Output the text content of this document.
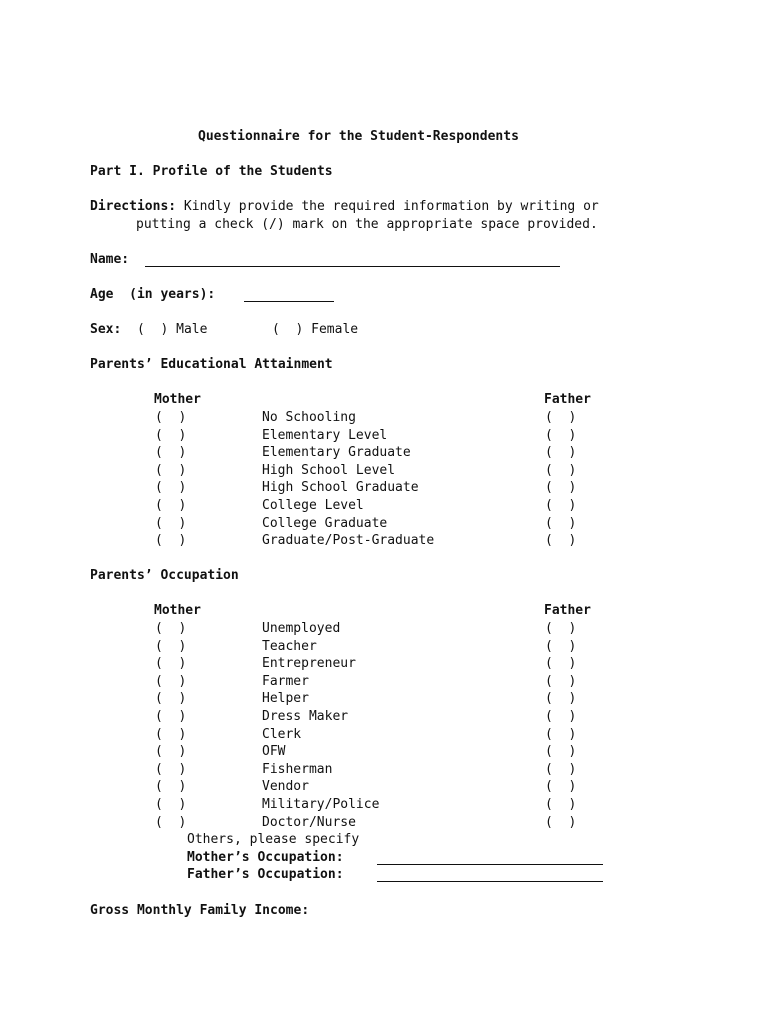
Questionnaire for the Student-Respondents
Part I. Profile of the Students
Directions: Kindly provide the required information by writing or
putting a check (/) mark on the appropriate space provided.
Name:
Age  (in years):
Sex: (  ) Male	(  ) Female
Parents’ Educational Attainment
Mother	Father
(  )	No Schooling	(  )
(  )	Elementary Level	(  )
(  )	Elementary Graduate	(  )
(  )	High School Level	(  )
(  )	High School Graduate	(  )
(  )	College Level	(  )
(  )	College Graduate	(  )
(  )	Graduate/Post-Graduate	(  )
Parents’ Occupation
Mother	Father
(  )	Unemployed	(  )
(  )	Teacher	(  )
(  )	Entrepreneur	(  )
(  )	Farmer	(  )
(  )	Helper	(  )
(  )	Dress Maker	(  )
(  )	Clerk	(  )
(  )	OFW	(  )
(  )	Fisherman	(  )
(  )	Vendor	(  )
(  )	Military/Police	(  )
(  )	Doctor/Nurse	(  )
Others, please specify
Mother’s Occupation:
Father’s Occupation:
Gross Monthly Family Income:
